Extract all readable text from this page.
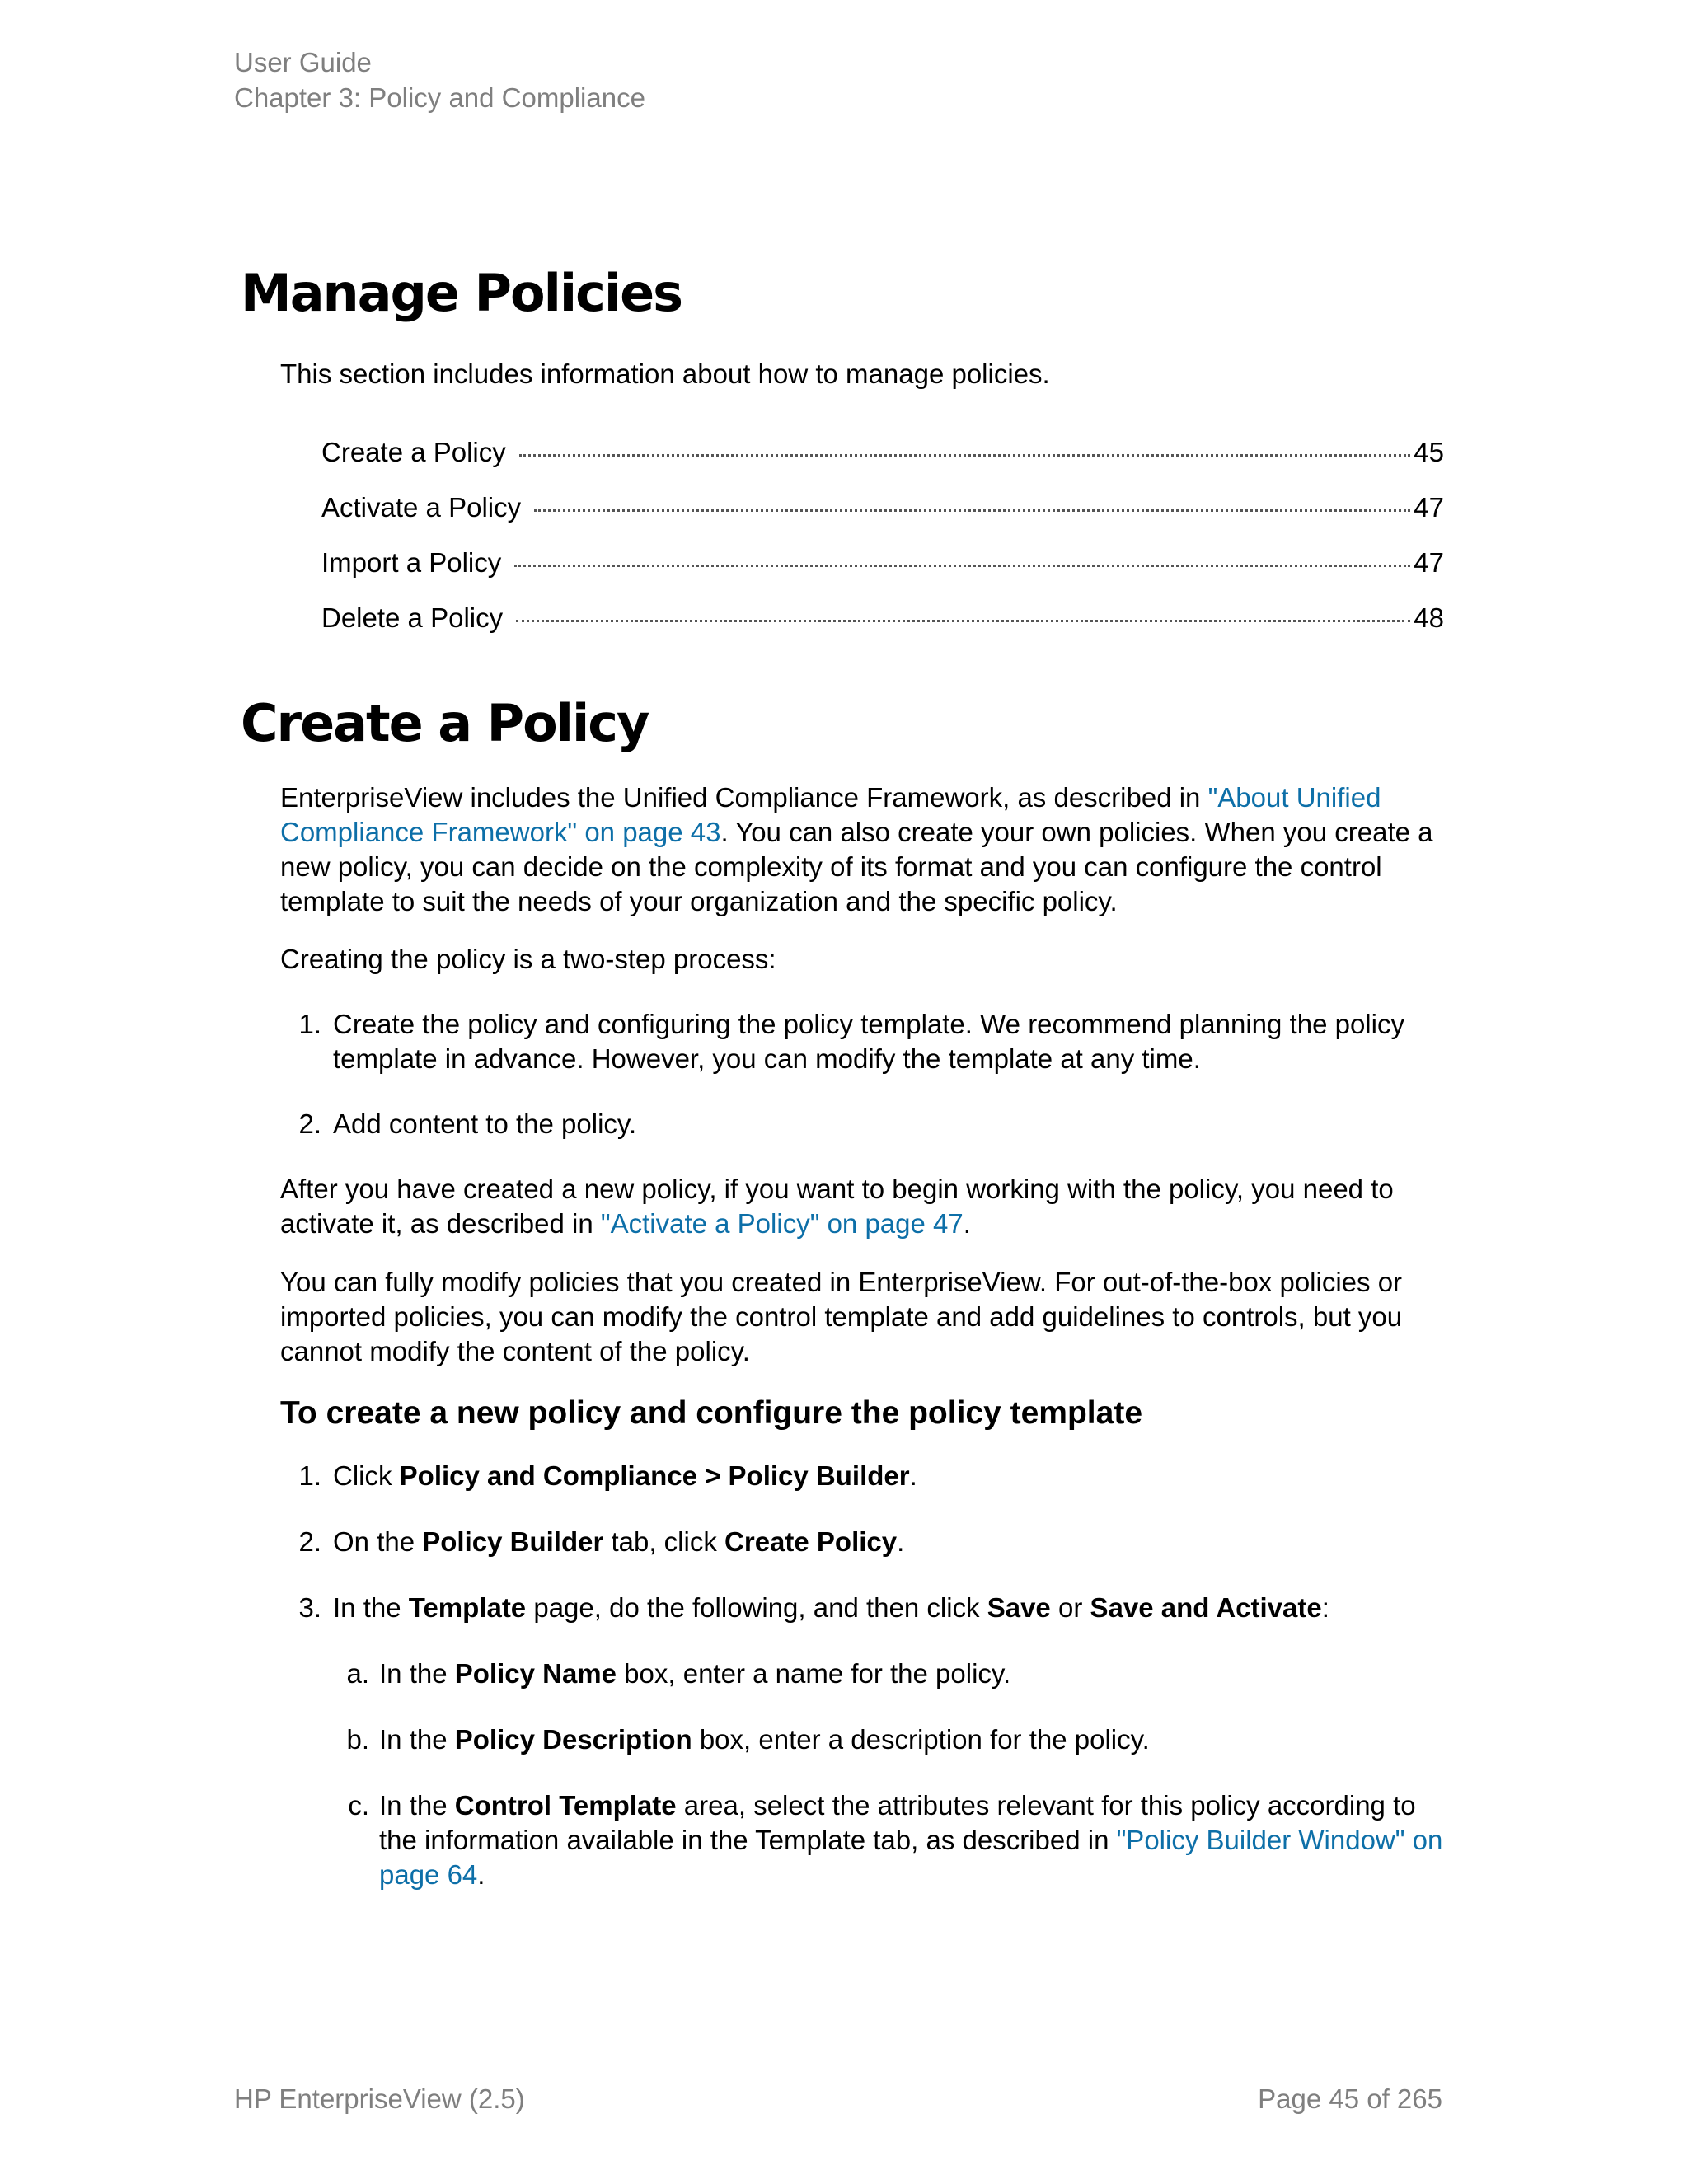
User Guide
Chapter 3: Policy and Compliance
Manage Policies

This section includes information about how to manage policies.

Create a Policy	45
Activate a Policy	47
Import a Policy	47
Delete a Policy	48
Create a Policy

EnterpriseView includes the Unified Compliance Framework, as described in "About Unified Compliance Framework" on page 43. You can also create your own policies. When you create a new policy, you can decide on the complexity of its format and you can configure the control template to suit the needs of your organization and the specific policy.

Creating the policy is a two-step process:

1. Create the policy and configuring the policy template. We recommend planning the policy template in advance. However, you can modify the template at any time.
2. Add content to the policy.

After you have created a new policy, if you want to begin working with the policy, you need to activate it, as described in "Activate a Policy" on page 47.

You can fully modify policies that you created in EnterpriseView. For out-of-the-box policies or imported policies, you can modify the control template and add guidelines to controls, but you cannot modify the content of the policy.

To create a new policy and configure the policy template
1. Click Policy and Compliance > Policy Builder.
2. On the Policy Builder tab, click Create Policy.
3. In the Template page, do the following, and then click Save or Save and Activate:
a. In the Policy Name box, enter a name for the policy.
b. In the Policy Description box, enter a description for the policy.
c. In the Control Template area, select the attributes relevant for this policy according to the information available in the Template tab, as described in "Policy Builder Window" on page 64.
HP EnterpriseView (2.5)	Page 45 of 265
